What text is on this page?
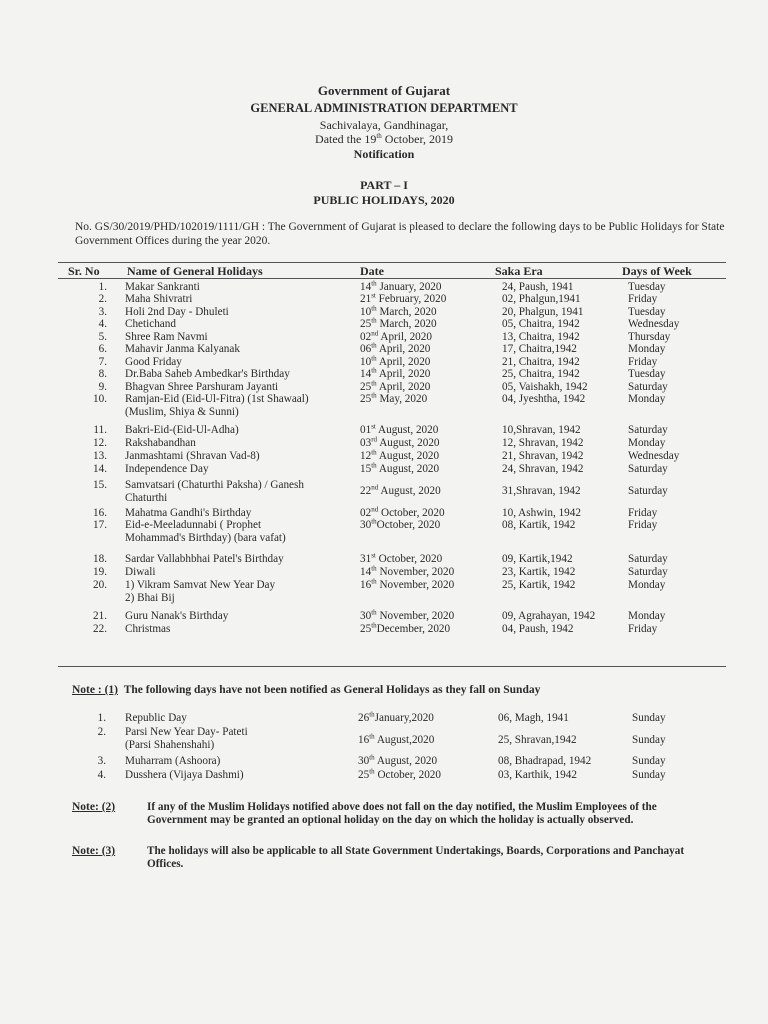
Government of Gujarat
GENERAL ADMINISTRATION DEPARTMENT
Sachivalaya, Gandhinagar,
Dated the 19th October, 2019
Notification
PART – I
PUBLIC HOLIDAYS, 2020
No. GS/30/2019/PHD/102019/1111/GH : The Government of Gujarat is pleased to declare the following days to be Public Holidays for State Government Offices during the year 2020.
Sr. No Name of General Holidays	Date	Saka Era	Days of Week
1. Makar Sankranti	14th January, 2020	24, Paush, 1941	Tuesday
2. Maha Shivratri	21st February, 2020	02, Phalgun,1941	Friday
3. Holi 2nd Day - Dhuleti	10th March, 2020	20, Phalgun, 1941	Tuesday
4. Chetichand	25th March, 2020	05, Chaitra, 1942	Wednesday
5. Shree Ram Navmi	02nd April, 2020	13, Chaitra, 1942	Thursday
6. Mahavir Janma Kalyanak	06th April, 2020	17, Chaitra,1942	Monday
7. Good Friday	10th April, 2020	21, Chaitra, 1942	Friday
8. Dr.Baba Saheb Ambedkar's Birthday	14th April, 2020	25, Chaitra, 1942	Tuesday
9. Bhagvan Shree Parshuram Jayanti	25th April, 2020	05, Vaishakh, 1942	Saturday
10. Ramjan-Eid (Eid-Ul-Fitra) (1st Shawaal)
(Muslim, Shiya & Sunni)
25th May, 2020	04, Jyeshtha, 1942	Monday
11. Bakri-Eid-(Eid-Ul-Adha)	01st August, 2020	10,Shravan, 1942	Saturday
12. Rakshabandhan	03rd August, 2020	12, Shravan, 1942	Monday
13. Janmashtami (Shravan Vad-8)	12th August, 2020	21, Shravan, 1942	Wednesday
14. Independence Day	15th August, 2020	24, Shravan, 1942	Saturday
15. Samvatsari (Chaturthi Paksha) / Ganesh
Chaturthi
22nd August, 2020	31,Shravan, 1942	Saturday
16. Mahatma Gandhi's Birthday	02nd October, 2020	10, Ashwin, 1942	Friday
17. Eid-e-Meeladunnabi ( Prophet
Mohammad's Birthday) (bara vafat)
30thOctober, 2020	08, Kartik, 1942	Friday
18. Sardar Vallabhbhai Patel's Birthday	31st October, 2020	09, Kartik,1942	Saturday
19. Diwali	14th November, 2020	23, Kartik, 1942	Saturday
20. 1) Vikram Samvat New Year Day
2) Bhai Bij
16th November, 2020	25, Kartik, 1942	Monday
21. Guru Nanak's Birthday	30th November, 2020	09, Agrahayan, 1942	Monday
22. Christmas	25thDecember, 2020	04, Paush, 1942	Friday
Note : (1) The following days have not been notified as General Holidays as they fall on Sunday
1. Republic Day	26thJanuary,2020	06, Magh, 1941	Sunday
2. Parsi New Year Day- Pateti
(Parsi Shahenshahi)	16th August,2020	25, Shravan,1942	Sunday
3. Muharram (Ashoora)	30th August, 2020	08, Bhadrapad, 1942	Sunday
4. Dusshera (Vijaya Dashmi)	25th October, 2020	03, Karthik, 1942	Sunday
Note: (2)	If any of the Muslim Holidays notified above does not fall on the day notified, the Muslim Employees of the Government may be granted an optional holiday on the day on which the holiday is actually observed.
Note: (3)	The holidays will also be applicable to all State Government Undertakings, Boards, Corporations and Panchayat Offices.
